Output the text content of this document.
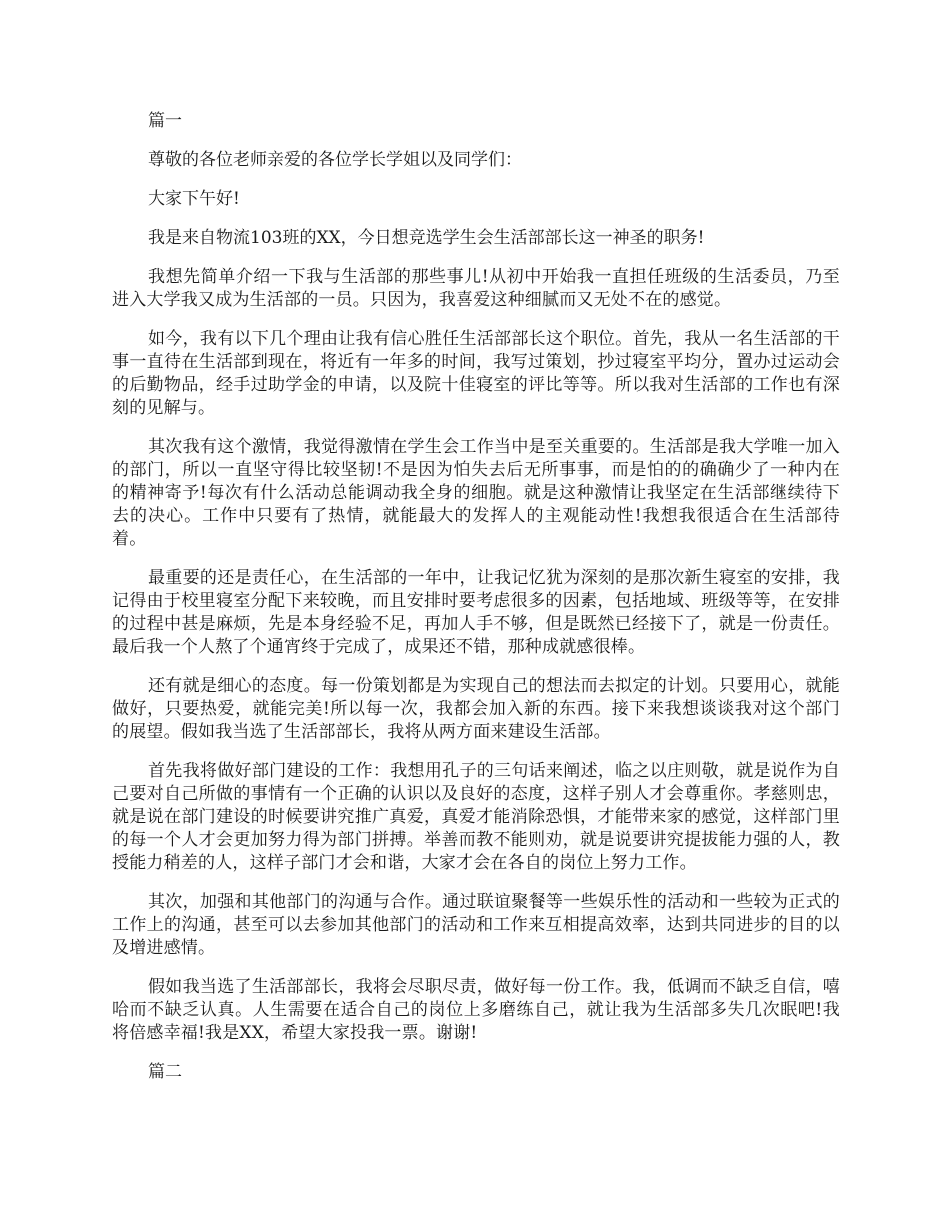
篇一

尊敬的各位老师亲爱的各位学长学姐以及同学们：

大家下午好!

我是来自物流103班的XX，今日想竞选学生会生活部部长这一神圣的职务!

我想先简单介绍一下我与生活部的那些事儿!从初中开始我一直担任班级的生活委员，乃至进入大学我又成为生活部的一员。只因为，我喜爱这种细腻而又无处不在的感觉。

如今，我有以下几个理由让我有信心胜任生活部部长这个职位。首先，我从一名生活部的干事一直待在生活部到现在，将近有一年多的时间，我写过策划，抄过寝室平均分，置办过运动会的后勤物品，经手过助学金的申请，以及院十佳寝室的评比等等。所以我对生活部的工作也有深刻的见解与。

其次我有这个激情，我觉得激情在学生会工作当中是至关重要的。生活部是我大学唯一加入的部门，所以一直坚守得比较坚韧!不是因为怕失去后无所事事，而是怕的的确确少了一种内在的精神寄予!每次有什么活动总能调动我全身的细胞。就是这种激情让我坚定在生活部继续待下去的决心。工作中只要有了热情，就能最大的发挥人的主观能动性!我想我很适合在生活部待着。

最重要的还是责任心，在生活部的一年中，让我记忆犹为深刻的是那次新生寝室的安排，我记得由于校里寝室分配下来较晚，而且安排时要考虑很多的因素，包括地域、班级等等，在安排的过程中甚是麻烦，先是本身经验不足，再加人手不够，但是既然已经接下了，就是一份责任。最后我一个人熬了个通宵终于完成了，成果还不错，那种成就感很棒。

还有就是细心的态度。每一份策划都是为实现自己的想法而去拟定的计划。只要用心，就能做好，只要热爱，就能完美!所以每一次，我都会加入新的东西。接下来我想谈谈我对这个部门的展望。假如我当选了生活部部长，我将从两方面来建设生活部。

首先我将做好部门建设的工作：我想用孔子的三句话来阐述，临之以庄则敬，就是说作为自己要对自己所做的事情有一个正确的认识以及良好的态度，这样子别人才会尊重你。孝慈则忠，就是说在部门建设的时候要讲究推广真爱，真爱才能消除恐惧，才能带来家的感觉，这样部门里的每一个人才会更加努力得为部门拼搏。举善而教不能则劝，就是说要讲究提拔能力强的人，教授能力稍差的人，这样子部门才会和谐，大家才会在各自的岗位上努力工作。

其次，加强和其他部门的沟通与合作。通过联谊聚餐等一些娱乐性的活动和一些较为正式的工作上的沟通，甚至可以去参加其他部门的活动和工作来互相提高效率，达到共同进步的目的以及增进感情。

假如我当选了生活部部长，我将会尽职尽责，做好每一份工作。我，低调而不缺乏自信，嘻哈而不缺乏认真。人生需要在适合自己的岗位上多磨练自己，就让我为生活部多失几次眠吧!我将倍感幸福!我是XX，希望大家投我一票。谢谢!

篇二
